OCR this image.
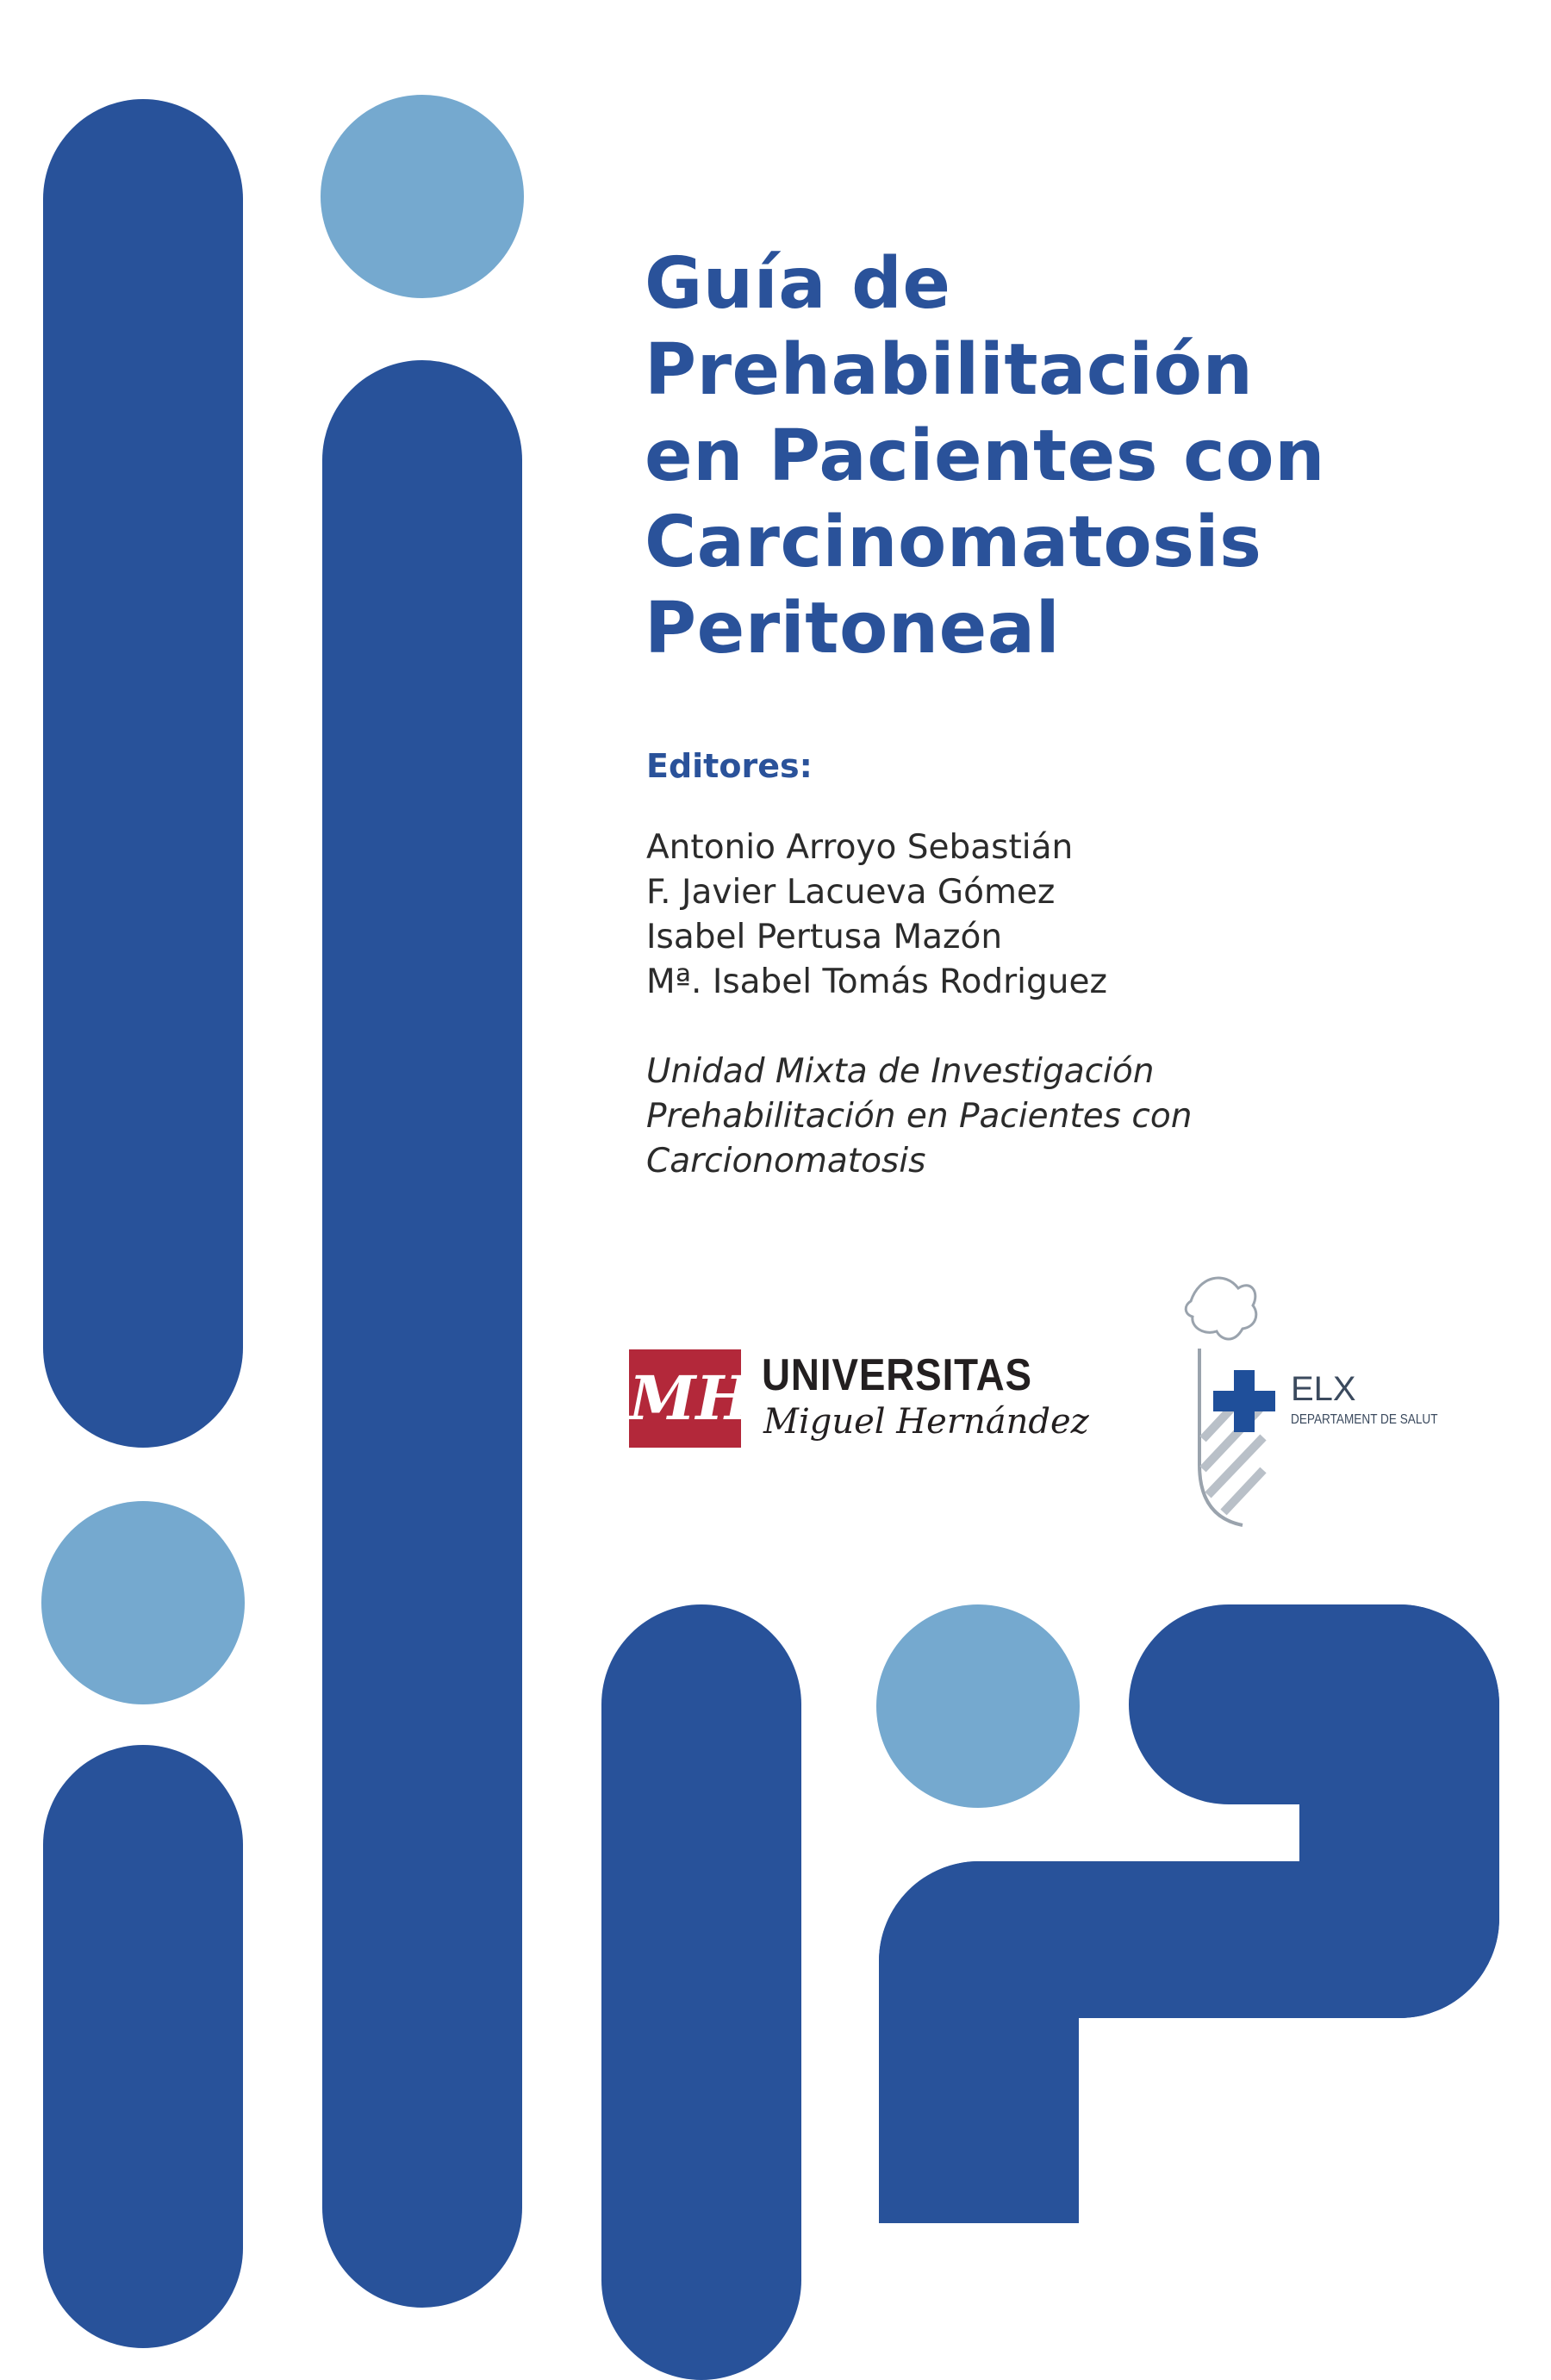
Guía de
Prehabilitación
en Pacientes con
Carcinomatosis
Peritoneal
Editores:
Antonio Arroyo Sebastián
F. Javier Lacueva Gómez
Isabel Pertusa Mazón
Mª. Isabel Tomás Rodriguez

Unidad Mixta de Investigación
Prehabilitación en Pacientes con
Carcionomatosis

MH UNIVERSITAS

Miguel Hernández

ELX

DEPARTAMENT DE SALUT
